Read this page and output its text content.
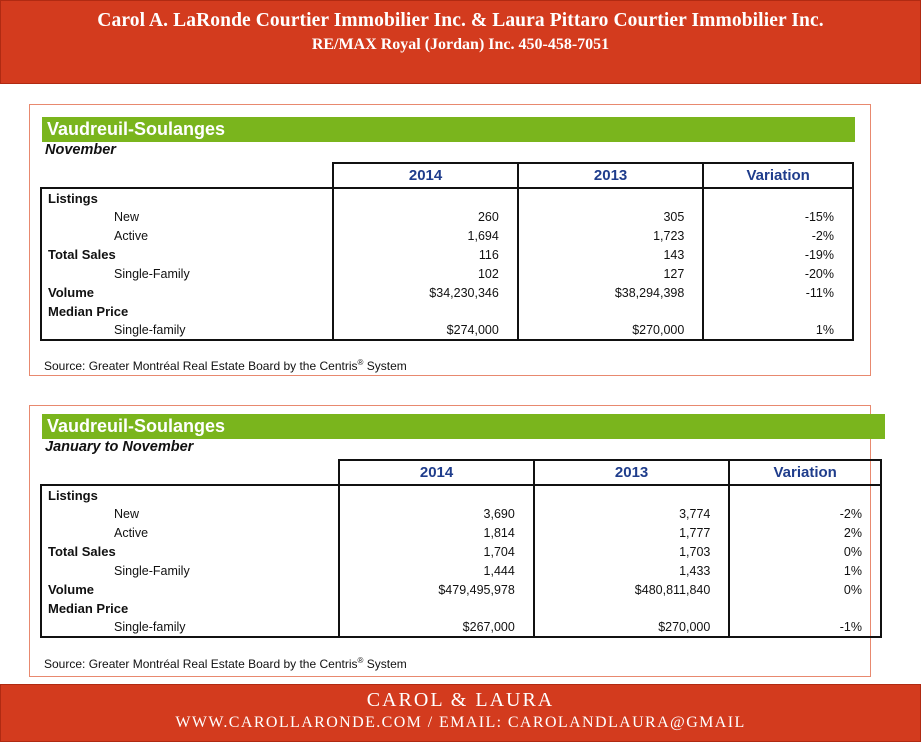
Carol A. LaRonde Courtier Immobilier Inc. & Laura Pittaro Courtier Immobilier Inc.
RE/MAX Royal (Jordan) Inc. 450-458-7051
Vaudreuil-Soulanges
November
	2014	2013	Variation
Listings			
New	260	305	-15%
Active	1,694	1,723	-2%
Total Sales	116	143	-19%
Single-Family	102	127	-20%
Volume	$34,230,346	$38,294,398	-11%
Median Price			
Single-family	$274,000	$270,000	1%
Source: Greater Montréal Real Estate Board by the Centris® System
Vaudreuil-Soulanges
January to November
	2014	2013	Variation
Listings			
New	3,690	3,774	-2%
Active	1,814	1,777	2%
Total Sales	1,704	1,703	0%
Single-Family	1,444	1,433	1%
Volume	$479,495,978	$480,811,840	0%
Median Price			
Single-family	$267,000	$270,000	-1%
Source: Greater Montréal Real Estate Board by the Centris® System
CAROL & LAURA
WWW.CAROLLARONDE.COM / EMAIL: CAROLANDLAURA@GMAIL
